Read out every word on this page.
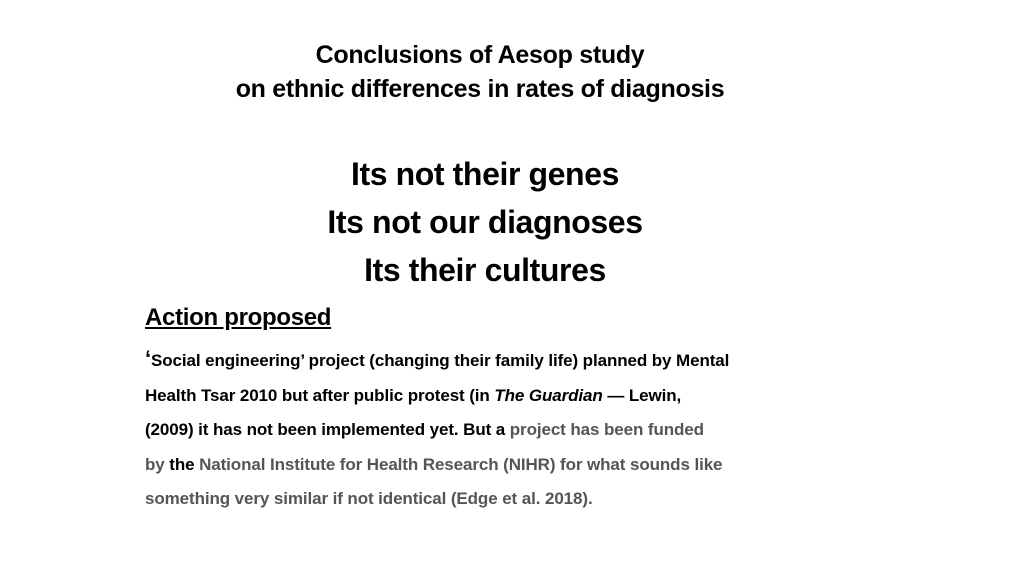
Conclusions of Aesop study
on ethnic differences in rates of diagnosis
Its not their genes
Its not our diagnoses
Its their cultures
Action proposed
‘Social engineering’ project (changing their family life) planned by Mental
Health Tsar 2010 but after public protest (in The Guardian — Lewin,
(2009) it has not been implemented yet. But a project has been funded
by the National Institute for Health Research (NIHR) for what sounds like
something very similar if not identical (Edge et al. 2018).
